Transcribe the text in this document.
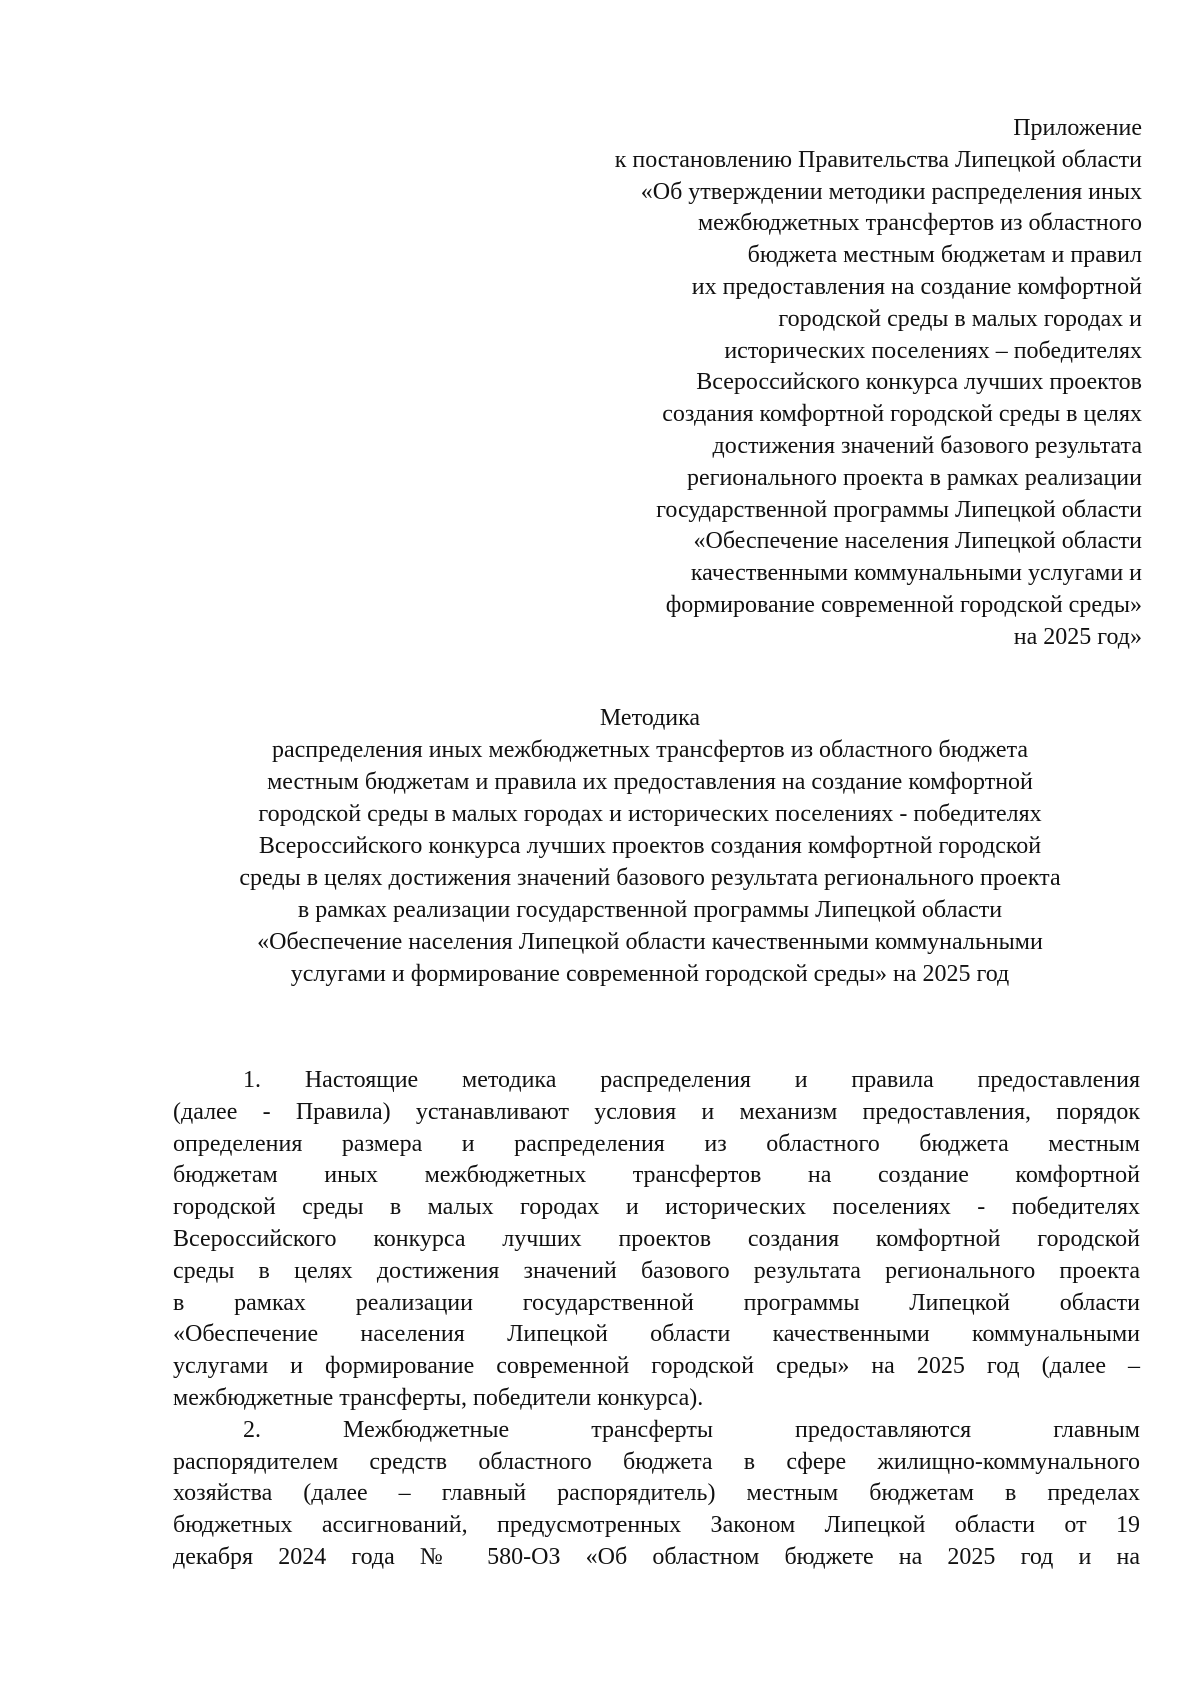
Приложение
к постановлению Правительства Липецкой области
«Об утверждении методики распределения иных
межбюджетных трансфертов из областного
бюджета местным бюджетам и правил
их предоставления на создание комфортной
городской среды в малых городах и
исторических поселениях – победителях
Всероссийского конкурса лучших проектов
создания комфортной городской среды в целях
достижения значений базового результата
регионального проекта в рамках реализации
государственной программы Липецкой области
«Обеспечение населения Липецкой области
качественными коммунальными услугами и
формирование современной городской среды»
на 2025 год»
Методика
распределения иных межбюджетных трансфертов из областного бюджета
местным бюджетам и правила их предоставления на создание комфортной
городской среды в малых городах и исторических поселениях - победителях
Всероссийского конкурса лучших проектов создания комфортной городской
среды в целях достижения значений базового результата регионального проекта
в рамках реализации государственной программы Липецкой области
«Обеспечение населения Липецкой области качественными коммунальными
услугами и формирование современной городской среды» на 2025 год
1. Настоящие методика распределения и правила предоставления
(далее - Правила) устанавливают условия и механизм предоставления, порядок
определения размера и распределения из областного бюджета местным
бюджетам иных межбюджетных трансфертов на создание комфортной
городской среды в малых городах и исторических поселениях - победителях
Всероссийского конкурса лучших проектов создания комфортной городской
среды в целях достижения значений базового результата регионального проекта
в рамках реализации государственной программы Липецкой области
«Обеспечение населения Липецкой области качественными коммунальными
услугами и формирование современной городской среды» на 2025 год (далее –
межбюджетные трансферты, победители конкурса).
2. Межбюджетные трансферты предоставляются главным
распорядителем средств областного бюджета в сфере жилищно-коммунального
хозяйства (далее – главный распорядитель) местным бюджетам в пределах
бюджетных ассигнований, предусмотренных Законом Липецкой области от 19
декабря 2024 года № 580-ОЗ «Об областном бюджете на 2025 год и на
